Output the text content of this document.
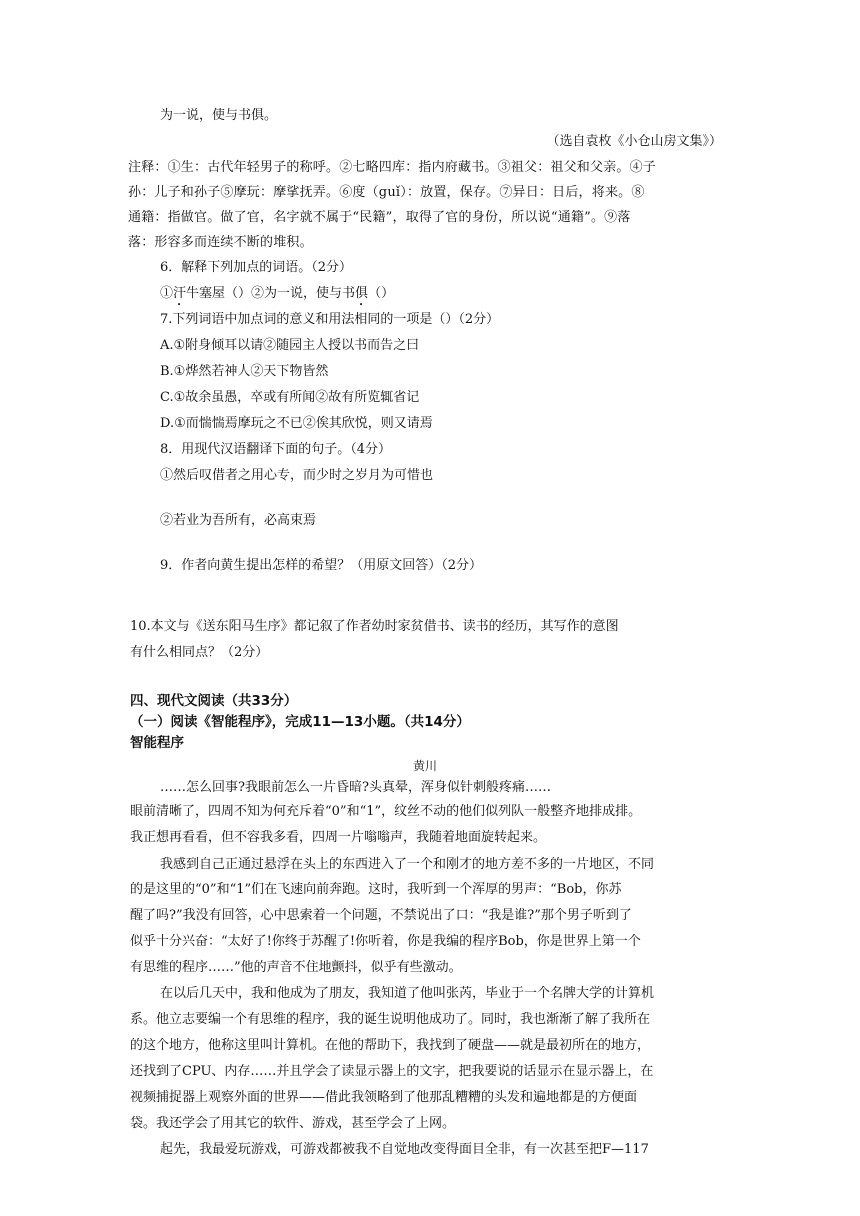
为一说，使与书俱。
（选自袁枚《小仓山房文集》）
注释：①生：古代年轻男子的称呼。②七略四库：指内府藏书。③祖父：祖父和父亲。④子
孙：儿子和孙子⑤摩玩：摩挲抚弄。⑥度（guǐ）：放置，保存。⑦异日：日后，将来。⑧
通籍：指做官。做了官，名字就不属于“民籍”，取得了官的身份，所以说“通籍”。⑨落
落：形容多而连续不断的堆积。
6．解释下列加点的词语。（2分）
①汗牛塞屋（）②为一说，使与书俱（）
7.下列词语中加点词的意义和用法相同的一项是（）（2分）
A.①附身倾耳以请②随园主人授以书而告之曰
B.①烨然若神人②天下物皆然
C.①故余虽愚，卒或有所闻②故有所览辄省记
D.①而惴惴焉摩玩之不已②俟其欣悦，则又请焉
8．用现代汉语翻译下面的句子。（4分）
①然后叹借者之用心专，而少时之岁月为可惜也
②若业为吾所有，必高束焉
9．作者向黄生提出怎样的希望？（用原文回答）（2分）
10.本文与《送东阳马生序》都记叙了作者幼时家贫借书、读书的经历，其写作的意图
有什么相同点？（2分）
四、现代文阅读（共33分）
（一）阅读《智能程序》，完成11—13小题。（共14分）
智能程序
黄川
……怎么回事?我眼前怎么一片昏暗?头真晕，浑身似针刺般疼痛……
眼前清晰了，四周不知为何充斥着“0”和“1”，纹丝不动的他们似列队一般整齐地排成排。
我正想再看看，但不容我多看，四周一片嗡嗡声，我随着地面旋转起来。
我感到自己正通过悬浮在头上的东西进入了一个和刚才的地方差不多的一片地区，不同
的是这里的“0”和“1”们在飞速向前奔跑。这时，我听到一个浑厚的男声：“Bob，你苏
醒了吗?”我没有回答，心中思索着一个问题，不禁说出了口：“我是谁?”那个男子听到了
似乎十分兴奋：“太好了!你终于苏醒了!你听着，你是我编的程序Bob，你是世界上第一个
有思维的程序……”他的声音不住地颤抖，似乎有些激动。
在以后几天中，我和他成为了朋友，我知道了他叫张芮，毕业于一个名牌大学的计算机
系。他立志要编一个有思维的程序，我的诞生说明他成功了。同时，我也渐渐了解了我所在
的这个地方，他称这里叫计算机。在他的帮助下，我找到了硬盘——就是最初所在的地方，
还找到了CPU、内存……并且学会了读显示器上的文字，把我要说的话显示在显示器上，在
视频捕捉器上观察外面的世界——借此我领略到了他那乱糟糟的头发和遍地都是的方便面
袋。我还学会了用其它的软件、游戏，甚至学会了上网。
起先，我最爱玩游戏，可游戏都被我不自觉地改变得面目全非，有一次甚至把F—117
